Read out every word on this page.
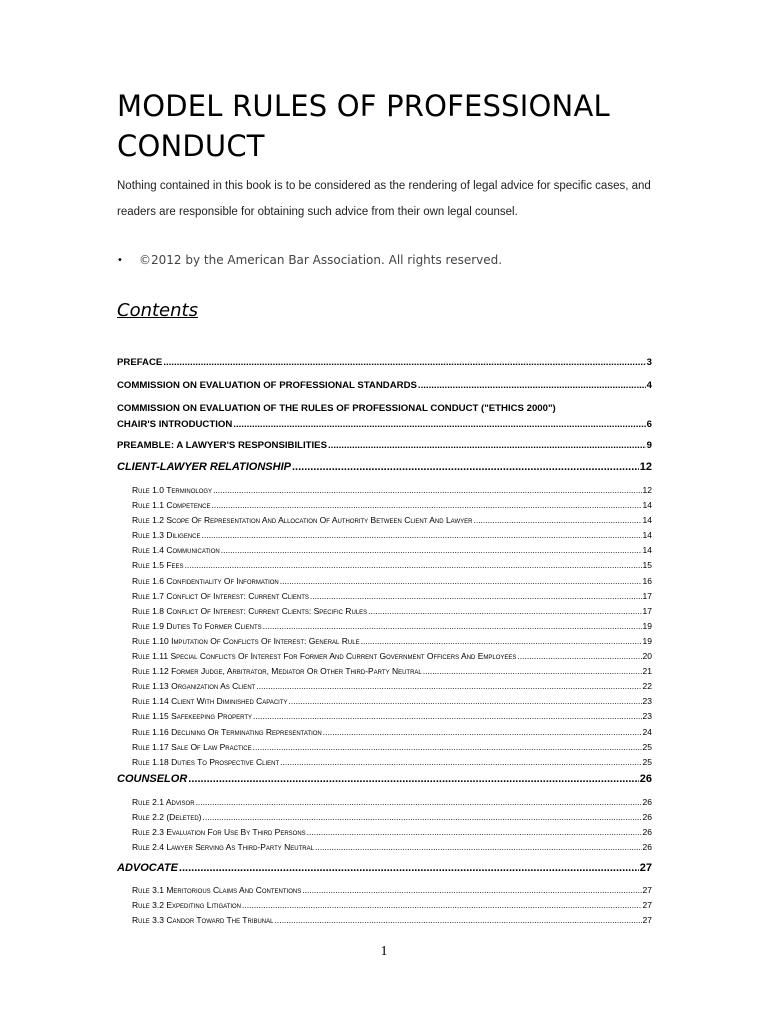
MODEL RULES OF PROFESSIONAL
CONDUCT
Nothing contained in this book is to be considered as the rendering of legal advice for specific cases, and readers are responsible for obtaining such advice from their own legal counsel.
•	©2012 by the American Bar Association. All rights reserved.
Contents
PREFACE .....	3
COMMISSION ON EVALUATION OF PROFESSIONAL STANDARDS .....	4
COMMISSION ON EVALUATION OF THE RULES OF PROFESSIONAL CONDUCT ("ETHICS 2000")
CHAIR'S INTRODUCTION .....	6
PREAMBLE: A LAWYER'S RESPONSIBILITIES .....	9
CLIENT-LAWYER RELATIONSHIP .....	12
Rule 1.0 Terminology .....	12
Rule 1.1 Competence .....	14
Rule 1.2 Scope Of Representation And Allocation Of Authority Between Client And Lawyer .....	14
Rule 1.3 Diligence .....	14
Rule 1.4 Communication .....	14
Rule 1.5 Fees .....	15
Rule 1.6 Confidentiality Of Information .....	16
Rule 1.7 Conflict Of Interest: Current Clients .....	17
Rule 1.8 Conflict Of Interest: Current Clients: Specific Rules .....	17
Rule 1.9 Duties To Former Clients .....	19
Rule 1.10 Imputation Of Conflicts Of Interest: General Rule .....	19
Rule 1.11 Special Conflicts Of Interest For Former And Current Government Officers And Employees .....	20
Rule 1.12 Former Judge, Arbitrator, Mediator Or Other Third-Party Neutral .....	21
Rule 1.13 Organization As Client .....	22
Rule 1.14 Client With Diminished Capacity .....	23
Rule 1.15 Safekeeping Property .....	23
Rule 1.16 Declining Or Terminating Representation .....	24
Rule 1.17 Sale Of Law Practice .....	25
Rule 1.18 Duties To Prospective Client .....	25
COUNSELOR .....	26
Rule 2.1 Advisor .....	26
Rule 2.2 (Deleted) .....	26
Rule 2.3 Evaluation For Use By Third Persons .....	26
Rule 2.4 Lawyer Serving As Third-Party Neutral .....	26
ADVOCATE .....	27
Rule 3.1 Meritorious Claims And Contentions .....	27
Rule 3.2 Expediting Litigation .....	27
Rule 3.3 Candor Toward The Tribunal .....	27
1
